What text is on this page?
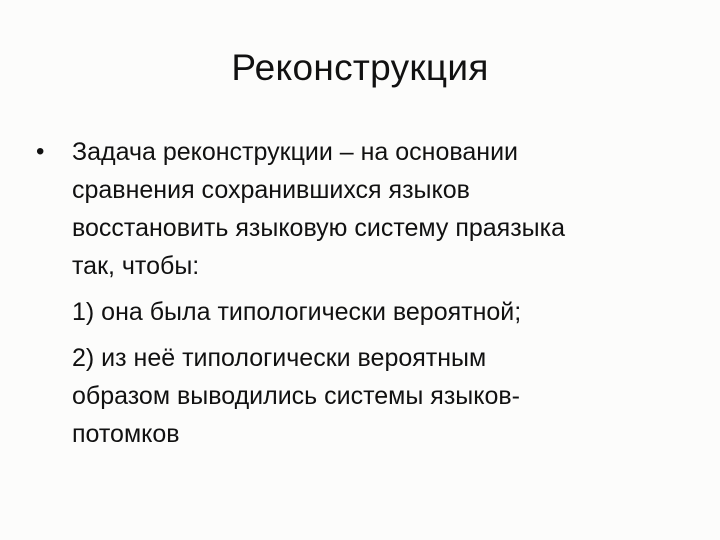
Реконструкция
• Задача реконструкции – на основании
сравнения сохранившихся языков
восстановить языковую систему праязыка
так, чтобы:
1) она была типологически вероятной;
2) из неё типологически вероятным
образом выводились системы языков-
потомков
